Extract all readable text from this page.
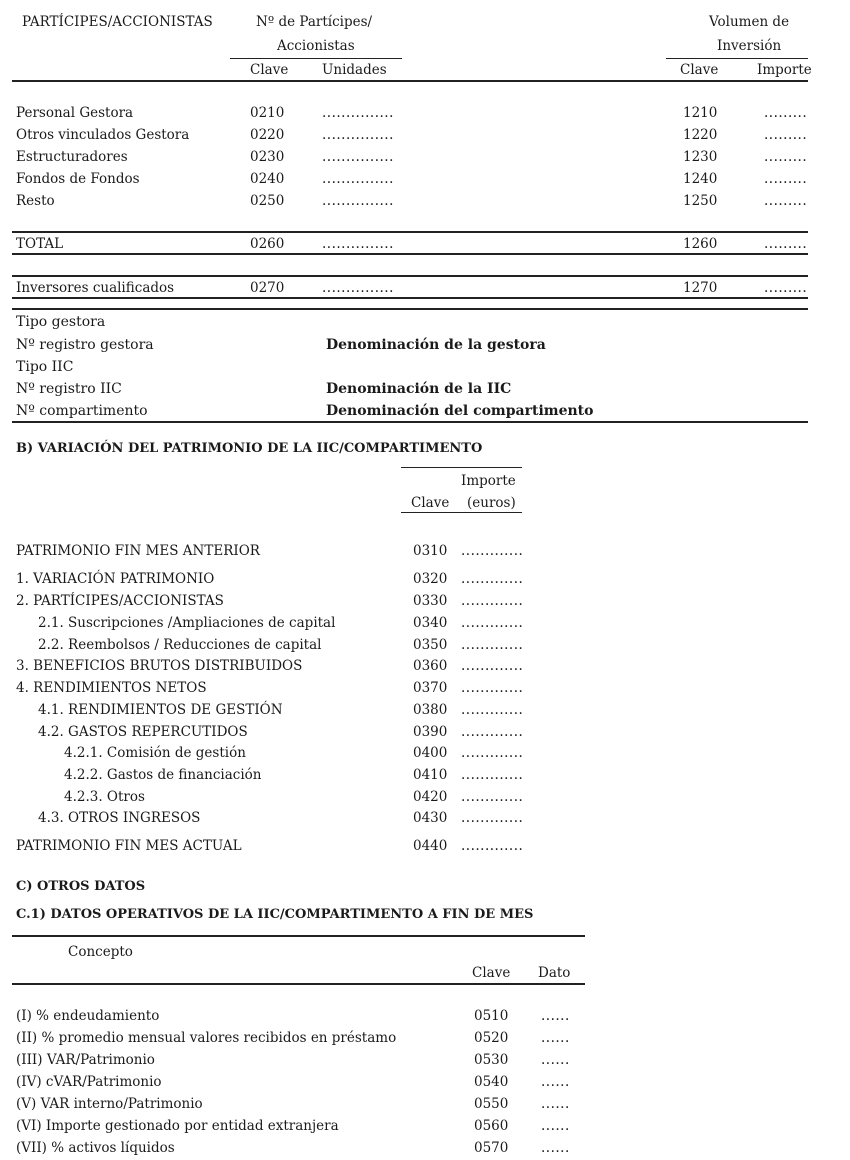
PARTÍCIPES/ACCIONISTAS	Nº de Partícipes/
Accionistas
Volumen de
Inversión
Clave Unidades	Clave	Importe
Personal Gestora	0210	...............	1210	.........
Otros vinculados Gestora	0220	...............	1220	.........
Estructuradores	0230	...............	1230	.........
Fondos de Fondos	0240	...............	1240	.........
Resto	0250	...............	1250	.........
TOTAL	0260	...............	1260	.........
Inversores cualificados	0270	...............	1270	.........
Tipo gestora
Nº registro gestora	Denominación de la gestora
Tipo IIC
Nº registro IIC	Denominación de la IIC
Nº compartimento	Denominación del compartimento
B) VARIACIÓN DEL PATRIMONIO DE LA IIC/COMPARTIMENTO
Importe
Clave (euros)
PATRIMONIO FIN MES ANTERIOR	0310 .............
1. VARIACIÓN PATRIMONIO	0320 .............
2. PARTÍCIPES/ACCIONISTAS	0330 .............
2.1. Suscripciones /Ampliaciones de capital	0340 .............
2.2. Reembolsos / Reducciones de capital	0350 .............
3. BENEFICIOS BRUTOS DISTRIBUIDOS	0360 .............
4. RENDIMIENTOS NETOS	0370 .............
4.1. RENDIMIENTOS DE GESTIÓN	0380 .............
4.2. GASTOS REPERCUTIDOS	0390 .............
4.2.1. Comisión de gestión	0400 .............
4.2.2. Gastos de financiación	0410 .............
4.2.3. Otros	0420 .............
4.3. OTROS INGRESOS	0430 .............
PATRIMONIO FIN MES ACTUAL	0440 .............
C) OTROS DATOS
C.1) DATOS OPERATIVOS DE LA IIC/COMPARTIMENTO A FIN DE MES
Concepto
Clave Dato
(I) % endeudamiento	0510 ......
(II) % promedio mensual valores recibidos en préstamo	0520 ......
(III) VAR/Patrimonio	0530 ......
(IV) cVAR/Patrimonio	0540 ......
(V) VAR interno/Patrimonio	0550 ......
(VI) Importe gestionado por entidad extranjera	0560 ......
(VII) % activos líquidos	0570 ......
